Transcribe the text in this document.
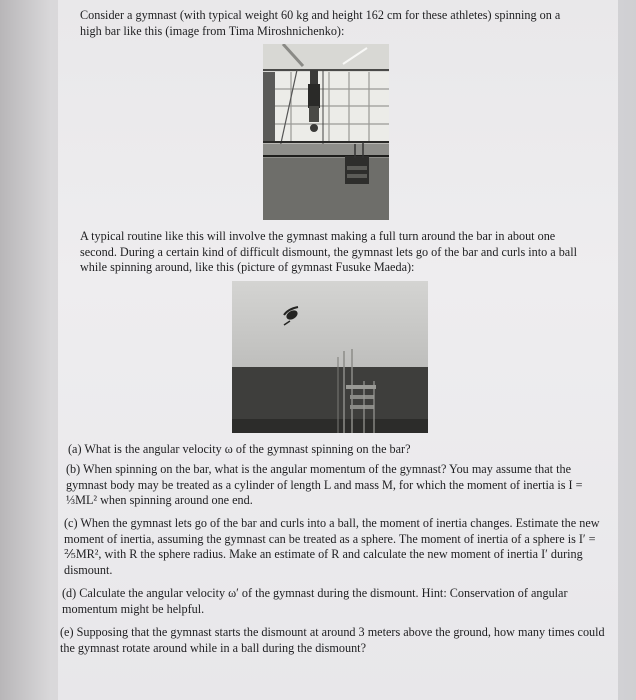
Consider a gymnast (with typical weight 60 kg and height 162 cm for these athletes) spinning on a high bar like this (image from Tima Miroshnichenko):

A typical routine like this will involve the gymnast making a full turn around the bar in about one second. During a certain kind of difficult dismount, the gymnast lets go of the bar and curls into a ball while spinning around, like this (picture of gymnast Fusuke Maeda):

(a) What is the angular velocity ω of the gymnast spinning on the bar?

(b) When spinning on the bar, what is the angular momentum of the gymnast? You may assume that the gymnast body may be treated as a cylinder of length L and mass M, for which the moment of inertia is I = ⅓ML² when spinning around one end.

(c) When the gymnast lets go of the bar and curls into a ball, the moment of inertia changes. Estimate the new moment of inertia, assuming the gymnast can be treated as a sphere. The moment of inertia of a sphere is I′ = ⅖MR², with R the sphere radius. Make an estimate of R and calculate the new moment of inertia I′ during dismount.

(d) Calculate the angular velocity ω′ of the gymnast during the dismount. Hint: Conservation of angular momentum might be helpful.

(e) Supposing that the gymnast starts the dismount at around 3 meters above the ground, how many times could the gymnast rotate around while in a ball during the dismount?
